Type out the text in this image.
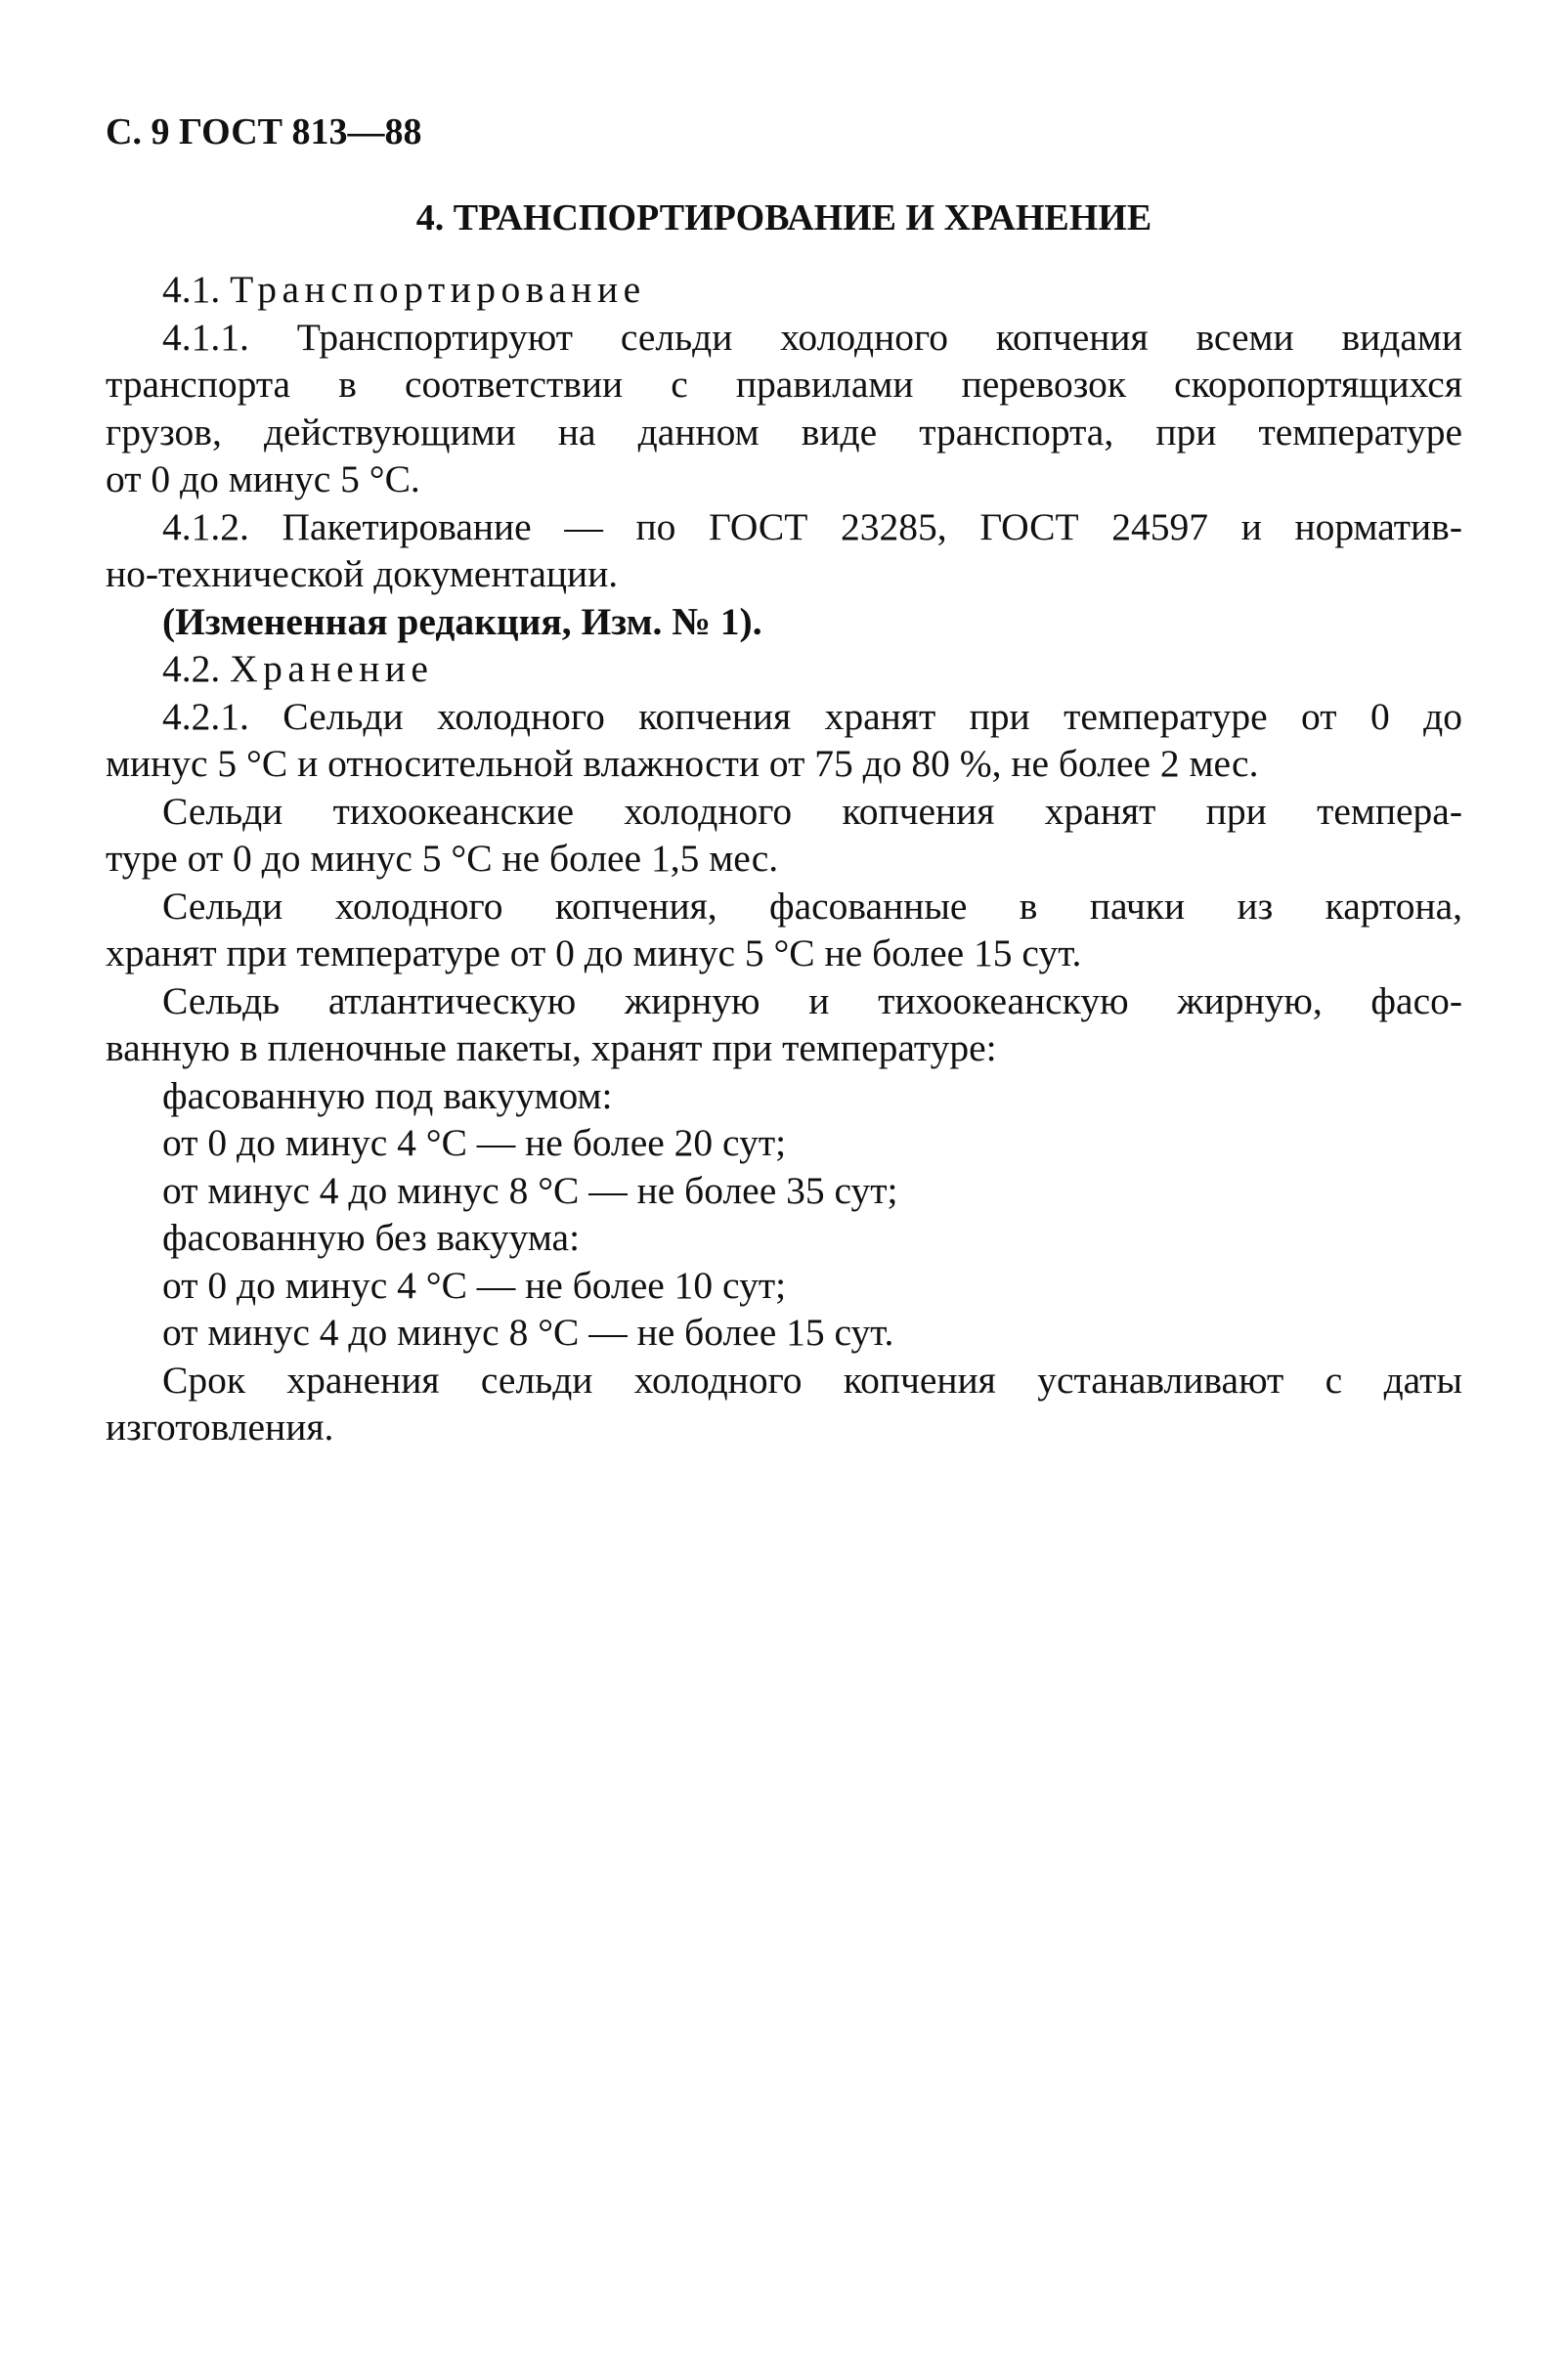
С. 9 ГОСТ 813—88
4. ТРАНСПОРТИРОВАНИЕ И ХРАНЕНИЕ
4.1. Транспортирование
4.1.1. Транспортируют сельди холодного копчения всеми видами
транспорта в соответствии с правилами перевозок скоропортящихся
грузов, действующими на данном виде транспорта, при температуре
от 0 до минус 5 °С.
4.1.2. Пакетирование — по ГОСТ 23285, ГОСТ 24597 и норматив-
но-технической документации.
(Измененная редакция, Изм. № 1).
4.2. Хранение
4.2.1. Сельди холодного копчения хранят при температуре от 0 до
минус 5 °С и относительной влажности от 75 до 80 %, не более 2 мес.
Сельди тихоокеанские холодного копчения хранят при темпера-
туре от 0 до минус 5 °С не более 1,5 мес.
Сельди холодного копчения, фасованные в пачки из картона,
хранят при температуре от 0 до минус 5 °С не более 15 сут.
Сельдь атлантическую жирную и тихоокеанскую жирную, фасо-
ванную в пленочные пакеты, хранят при температуре:
фасованную под вакуумом:
от 0 до минус 4 °С — не более 20 сут;
от минус 4 до минус 8 °С — не более 35 сут;
фасованную без вакуума:
от 0 до минус 4 °С — не более 10 сут;
от минус 4 до минус 8 °С — не более 15 сут.
Срок хранения сельди холодного копчения устанавливают с даты
изготовления.
